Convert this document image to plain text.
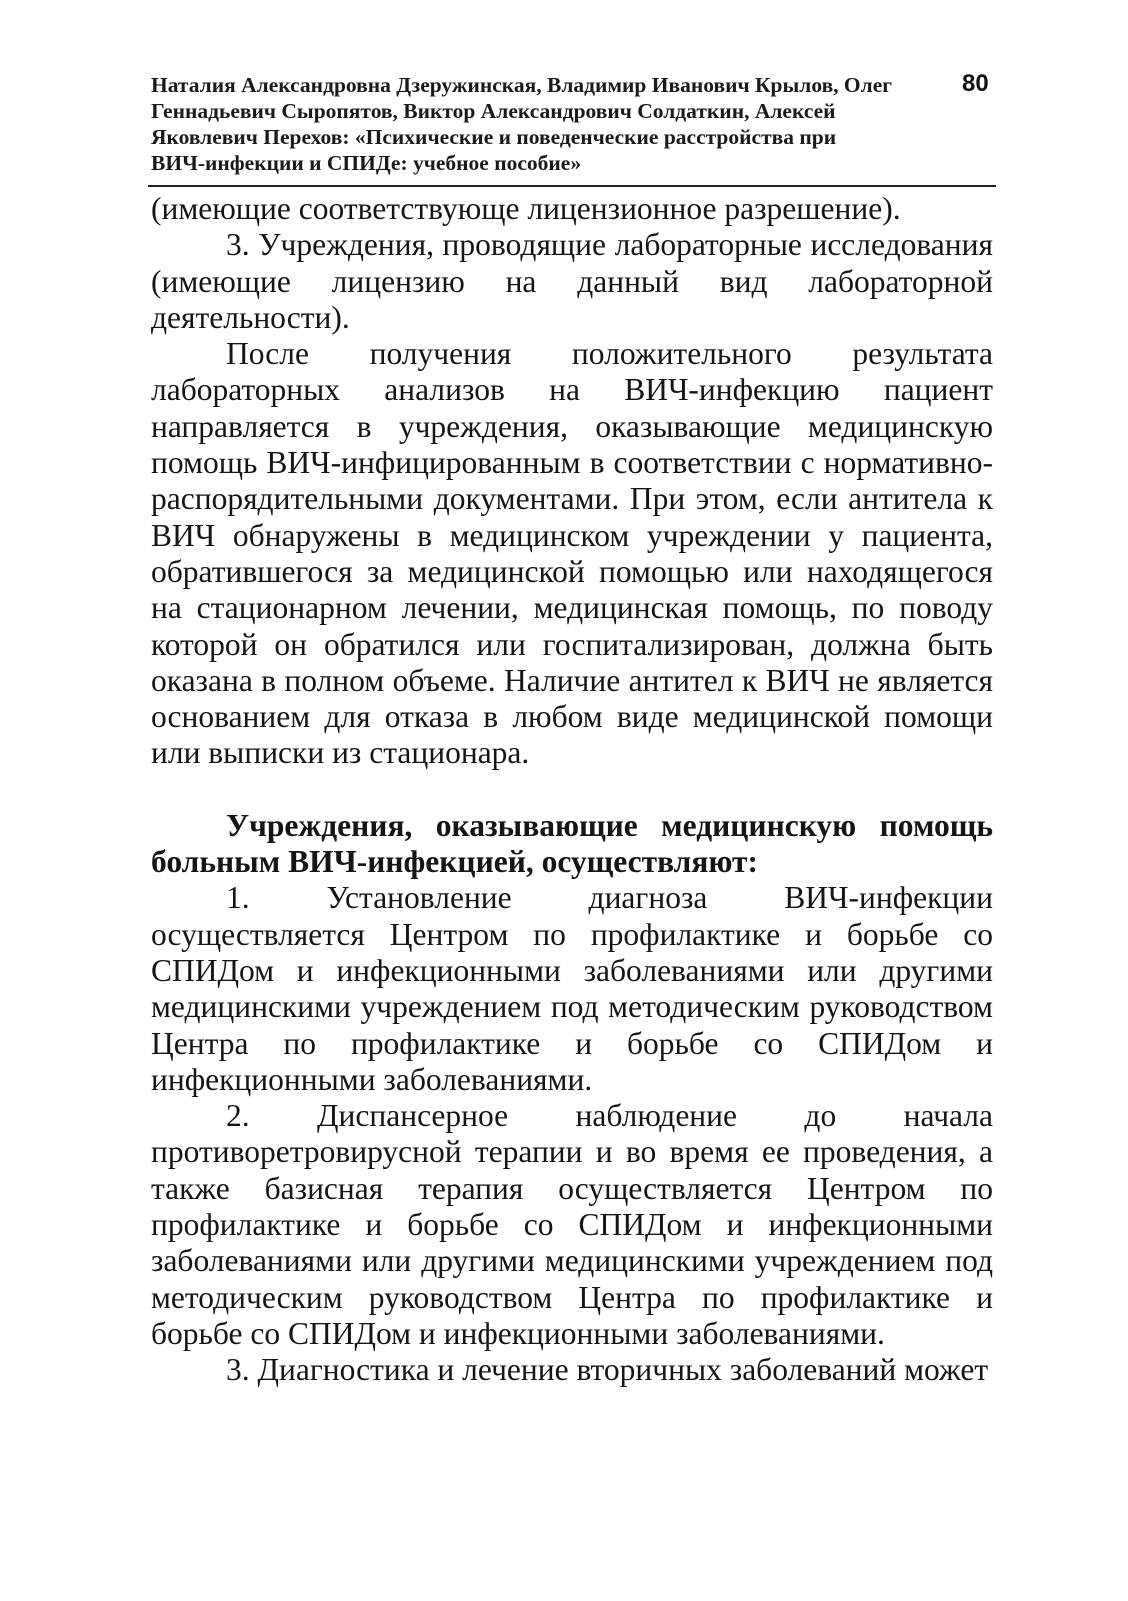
Наталия Александровна Дзеружинская, Владимир Иванович Крылов, Олег
Геннадьевич Сыропятов, Виктор Александрович Солдаткин, Алексей
Яковлевич Перехов: «Психические и поведенческие расстройства при
ВИЧ-инфекции и СПИДе: учебное пособие»
80

(имеющие соответствующе лицензионное разрешение).

3. Учреждения, проводящие лабораторные исследования (имеющие лицензию на данный вид лабораторной деятельности).

После получения положительного результата лабораторных анализов на ВИЧ-инфекцию пациент направляется в учреждения, оказывающие медицинскую помощь ВИЧ-инфицированным в соответствии с нормативно-распорядительными документами. При этом, если антитела к ВИЧ обнаружены в медицинском учреждении у пациента, обратившегося за медицинской помощью или находящегося на стационарном лечении, медицинская помощь, по поводу которой он обратился или госпитализирован, должна быть оказана в полном объеме. Наличие антител к ВИЧ не является основанием для отказа в любом виде медицинской помощи или выписки из стационара.

Учреждения, оказывающие медицинскую помощь больным ВИЧ-инфекцией, осуществляют:

1. Установление диагноза ВИЧ-инфекции осуществляется Центром по профилактике и борьбе со СПИДом и инфекционными заболеваниями или другими медицинскими учреждением под методическим руководством Центра по профилактике и борьбе со СПИДом и инфекционными заболеваниями.

2. Диспансерное наблюдение до начала противоретровирусной терапии и во время ее проведения, а также базисная терапия осуществляется Центром по профилактике и борьбе со СПИДом и инфекционными заболеваниями или другими медицинскими учреждением под методическим руководством Центра по профилактике и борьбе со СПИДом и инфекционными заболеваниями.

3. Диагностика и лечение вторичных заболеваний может
